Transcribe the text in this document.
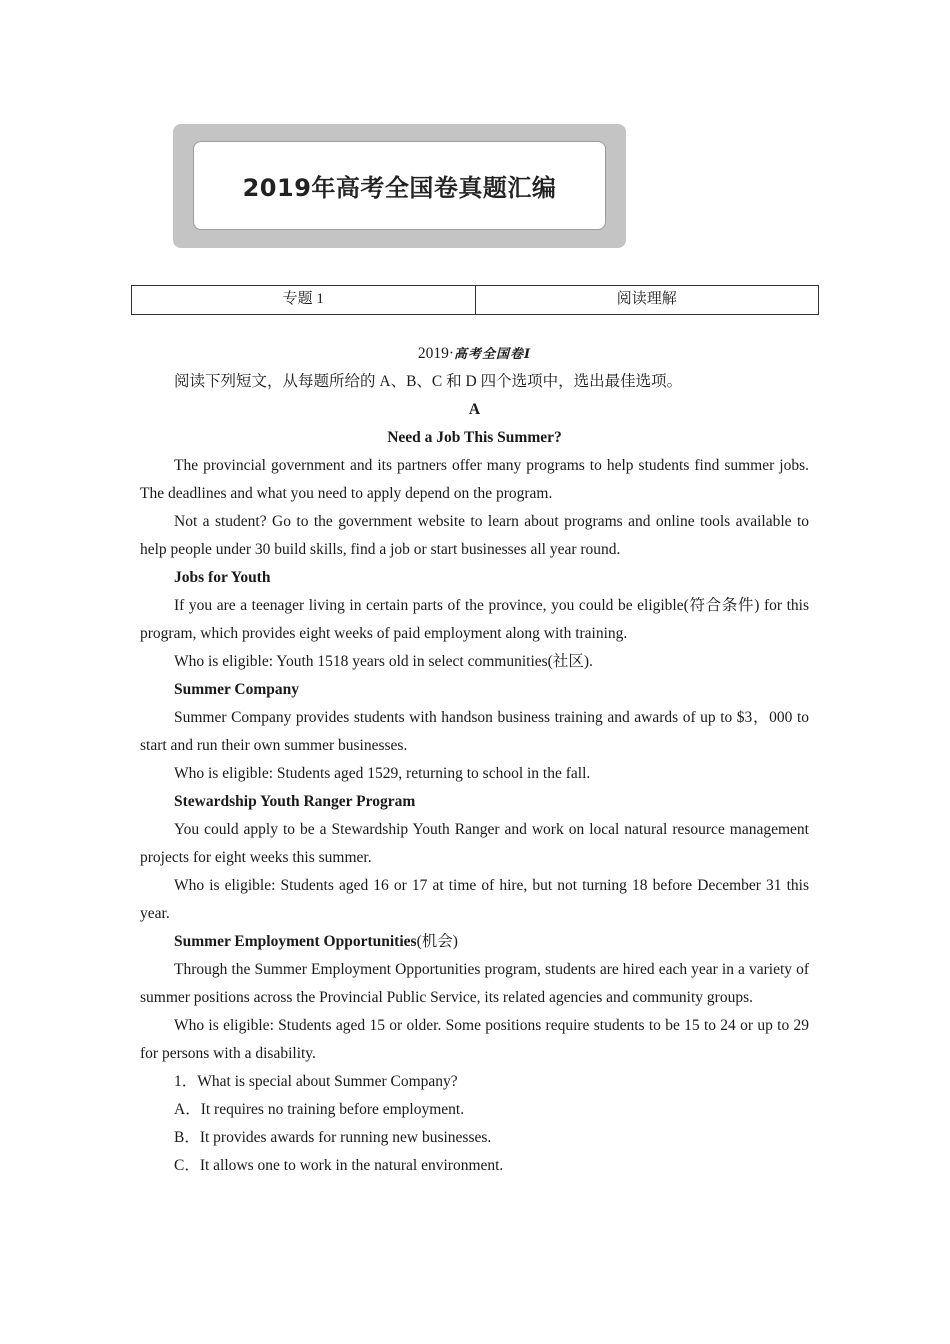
2019年高考全国卷真题汇编
专题 1	阅读理解

2019·高考全国卷Ⅰ

阅读下列短文，从每题所给的 A、B、C 和 D 四个选项中，选出最佳选项。

A

Need a Job This Summer?

The provincial government and its partners offer many programs to help students find summer jobs. The deadlines and what you need to apply depend on the program.

Not a student? Go to the government website to learn about programs and online tools available to help people under 30 build skills, find a job or start businesses all year round.

Jobs for Youth

If you are a teenager living in certain parts of the province, you could be eligible(符合条件) for this program, which provides eight weeks of paid employment along with training.

Who is eligible: Youth 1518 years old in select communities(社区).

Summer Company

Summer Company provides students with handson business training and awards of up to $3，000 to start and run their own summer businesses.

Who is eligible: Students aged 1529, returning to school in the fall.

Stewardship Youth Ranger Program

You could apply to be a Stewardship Youth Ranger and work on local natural resource management projects for eight weeks this summer.

Who is eligible: Students aged 16 or 17 at time of hire, but not turning 18 before December 31 this year.

Summer Employment Opportunities(机会)

Through the Summer Employment Opportunities program, students are hired each year in a variety of summer positions across the Provincial Public Service, its related agencies and community groups.

Who is eligible: Students aged 15 or older. Some positions require students to be 15 to 24 or up to 29 for persons with a disability.

1．What is special about Summer Company?

A．It requires no training before employment.

B．It provides awards for running new businesses.

C．It allows one to work in the natural environment.
